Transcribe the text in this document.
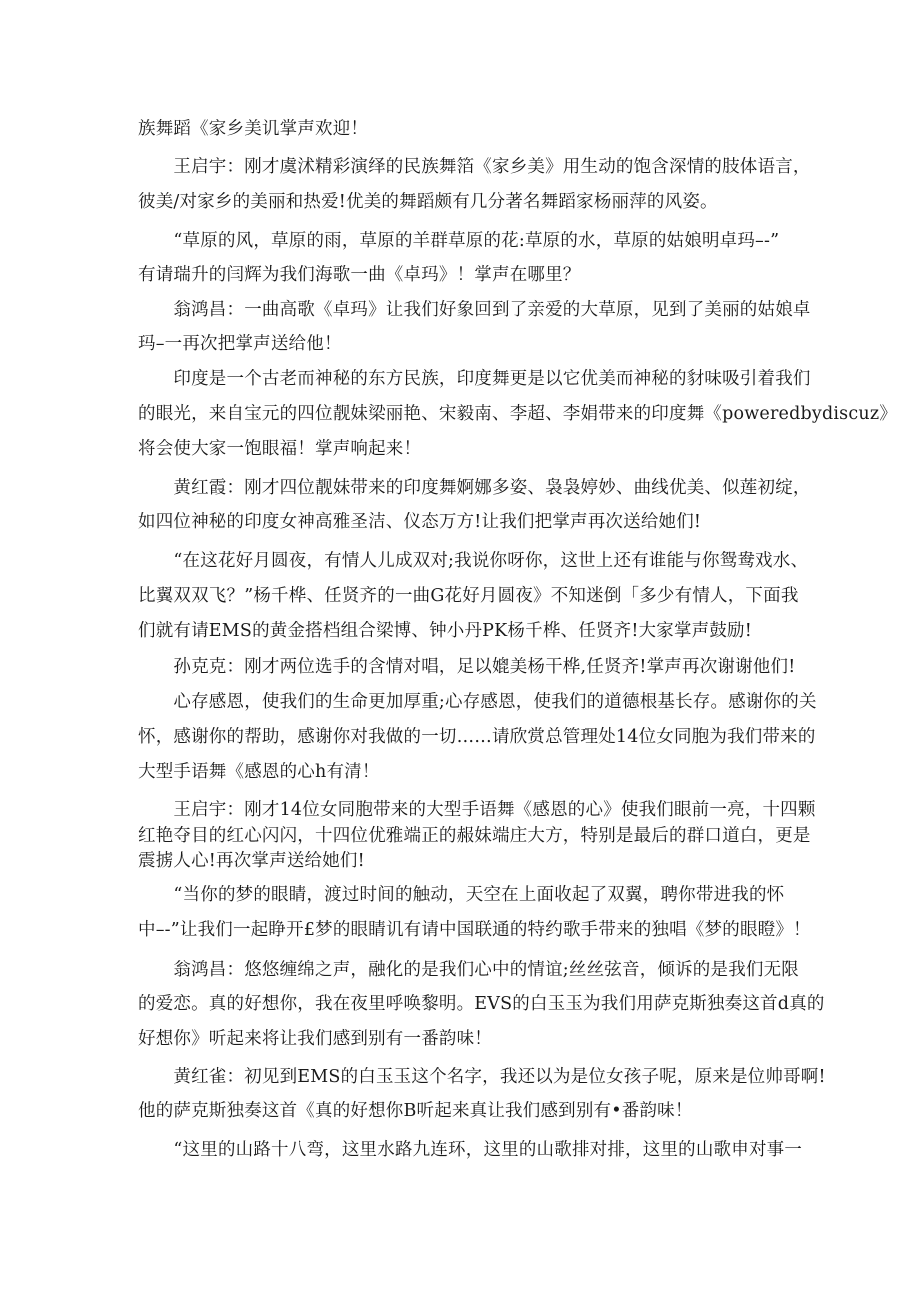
族舞蹈《家乡美讥掌声欢迎！
　　王启宇：刚才虞沭精彩演绎的民族舞箔《家乡美》用生动的饱含深情的肢体语言，
彼美/对家乡的美丽和热爱!优美的舞蹈颇有几分著名舞蹈家杨丽萍的风姿。
　　“草原的风，草原的雨，草原的羊群草原的花:草原的水，草原的姑娘明卓玛–-”
有请瑞升的闫辉为我们海歌一曲《卓玛》！掌声在哪里？
　　翁鸿昌：一曲高歌《卓玛》让我们好象回到了亲爱的大草原，见到了美丽的姑娘卓
玛–一再次把掌声送给他！
　　印度是一个古老而神秘的东方民族，印度舞更是以它优美而神秘的豺味吸引着我们
的眼光，来自宝元的四位靓妹梁丽艳、宋毅南、李超、李娟带来的印度舞《poweredbydiscuz》
将会使大家一饱眼福！掌声响起来！
　　黄红霞：刚才四位靓妹带来的印度舞婀娜多姿、袅袅婷妙、曲线优美、似莲初绽，
如四位神秘的印度女神高雅圣洁、仪态万方!让我们把掌声再次送给她们!
　　“在这花好月圆夜，有情人儿成双对;我说你呀你，这世上还有谁能与你鸳鸯戏水、
比翼双双飞？”杨千桦、任贤齐的一曲G花好月圆夜》不知迷倒「多少有情人，下面我
们就有请EMS的黄金搭档组合梁博、钟小丹PK杨千桦、任贤齐!大家掌声鼓励!
　　孙克克：刚才两位选手的含情对唱，足以媲美杨干桦,任贤齐!掌声再次谢谢他们!
　　心存感恩，使我们的生命更加厚重;心存感恩，使我们的道德根基长存。感谢你的关
怀，感谢你的帮助，感谢你对我做的一切……请欣赏总管理处14位女同胞为我们带来的
大型手语舞《感恩的心h有清！
　　王启宇：刚才14位女同胞带来的大型手语舞《感恩的心》使我们眼前一亮，十四颗
红艳夺目的红心闪闪，十四位优雅端正的赧妹端庄大方，特别是最后的群口道白，更是
震掳人心!再次掌声送给她们!
　　“当你的梦的眼睛，渡过时间的触动，天空在上面收起了双翼，聘你带进我的怀
中–-”让我们一起睁开£梦的眼睛讥有请中国联通的特约歌手带来的独唱《梦的眼瞪》！
　　翁鸿昌：悠悠缠绵之声，融化的是我们心中的情谊;丝丝弦音，倾诉的是我们无限
的爱恋。真的好想你，我在夜里呼唤黎明。EVS的白玉玉为我们用萨克斯独奏这首d真的
好想你》听起来将让我们感到别有一番韵味！
　　黄红雀：初见到EMS的白玉玉这个名字，我还以为是位女孩子呢，原来是位帅哥啊!
他的萨克斯独奏这首《真的好想你B听起来真让我们感到别有•番韵味！
　　“这里的山路十八弯，这里水路九连环，这里的山歌排对排，这里的山歌申对事一
